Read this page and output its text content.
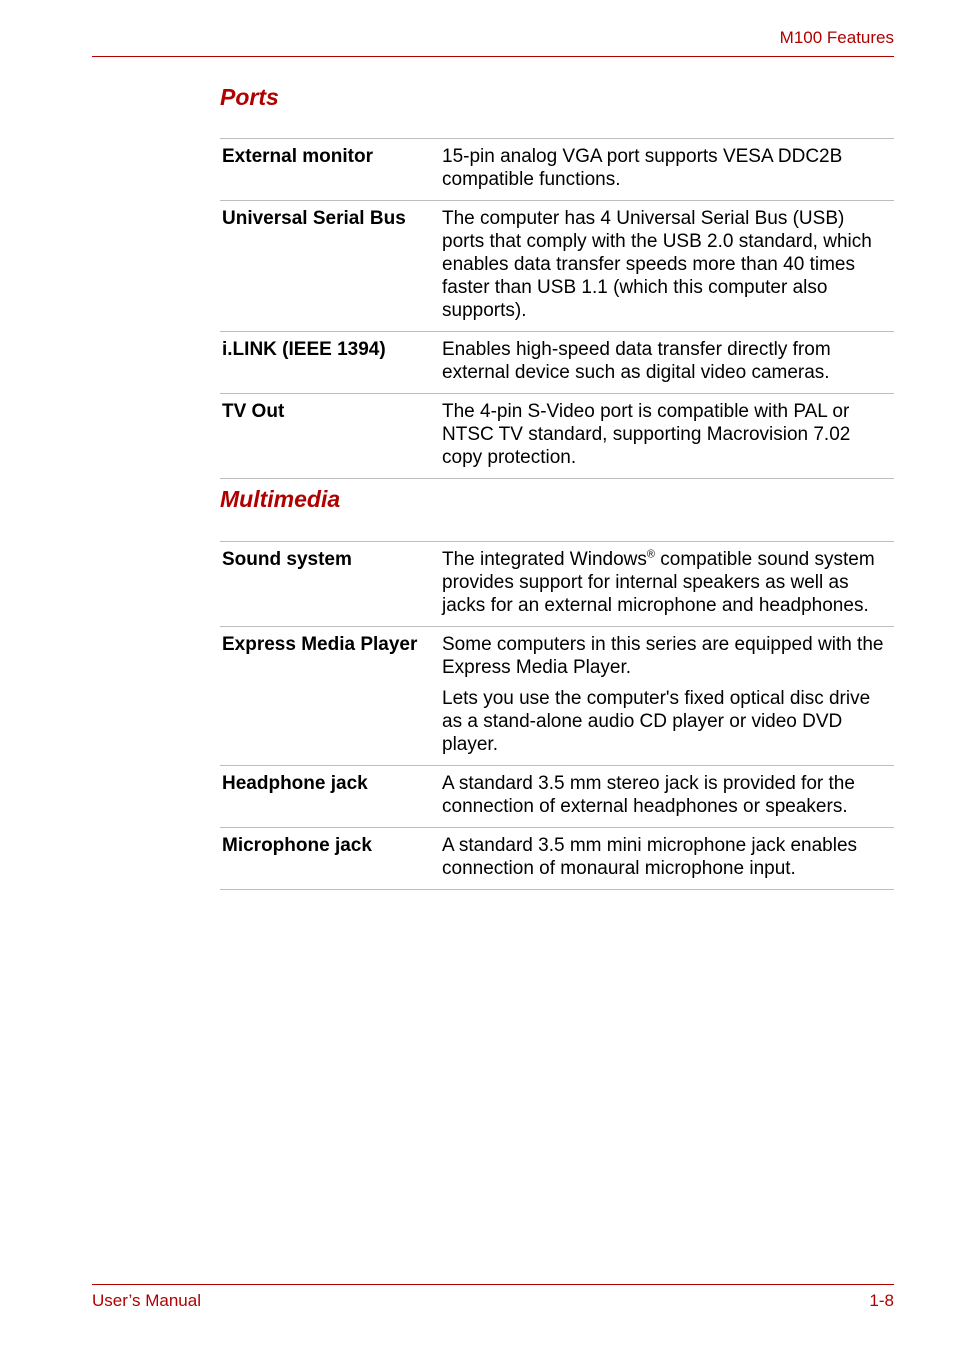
M100 Features
Ports
External monitor	15-pin analog VGA port supports VESA DDC2B compatible functions.

Universal Serial Bus	The computer has 4 Universal Serial Bus (USB) ports that comply with the USB 2.0 standard, which enables data transfer speeds more than 40 times faster than USB 1.1 (which this computer also supports).

i.LINK (IEEE 1394)	Enables high-speed data transfer directly from external device such as digital video cameras.

TV Out	The 4-pin S-Video port is compatible with PAL or NTSC TV standard, supporting Macrovision 7.02 copy protection.

Multimedia
Sound system	The integrated Windows® compatible sound system provides support for internal speakers as well as jacks for an external microphone and headphones.

Express Media Player	Some computers in this series are equipped with the Express Media Player.

Lets you use the computer's fixed optical disc drive as a stand-alone audio CD player or video DVD player.

Headphone jack	A standard 3.5 mm stereo jack is provided for the connection of external headphones or speakers.

Microphone jack	A standard 3.5 mm mini microphone jack enables connection of monaural microphone input.

User’s Manual	1-8
